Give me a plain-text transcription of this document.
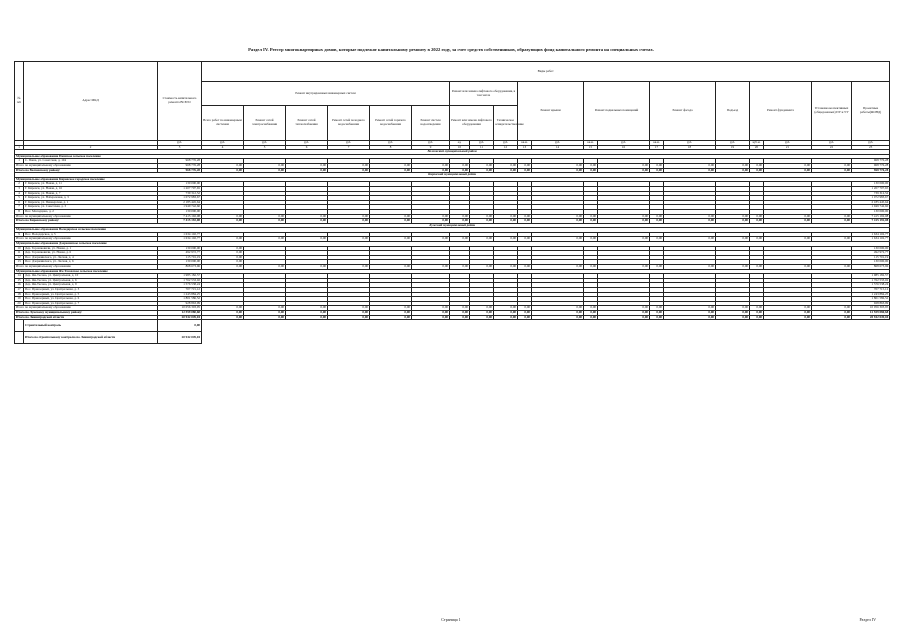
Раздел IV. Реестр многоквартирных домов, которые подлежат капитальному ремонту в 2022 году, за счет средств собственников, образующих фонд капитального ремонта на специальных счетах.
№ п/п	Адрес МКД	Стоимость капитального ремонта ВСЕГО	Виды работ																			
			Ремонт внутридомовых инженерных систем						Ремонт или замена лифтового оборудования, в том числе			Ремонт крыши		Ремонт подвальных помещений		Ремонт фасада		Подъезд	Ремонт фундамента		Установка коллективных (общедомовых) ПУ и УУ	Проектные работы(ФОНД)
			Всего работ по инженерным системам	Ремонт сетей электроснабжения	Ремонт сетей теплоснабжения	Ремонт сетей холодного водоснабжения	Ремонт сетей горячего водоснабжения	Ремонт систем водоотведения	Ремонт или замена лифтового оборудования		Техническое освидетельствование											
		руб.	руб.	руб.	руб.	руб.	руб.	руб.	ед.	руб.	руб.	кв.м.	руб.	кв.м.	руб.	кв.м.	руб.	руб.	куб.м.	руб.	руб.	руб.
1	2	3	4	5	6	7	8	9	10	11	12	13	14	15	16	17	18	19	20	21	22	23
Волховский муниципальный район																						
Муниципальное образование Пашское сельское поселение																						
1	С. Паша, ул. Советская, д. 104	968 776,28																				968 776,28
Итого по муниципальному образованию		968 776,28	0,00	0,00	0,00	0,00	0,00	0,00	0,00	0,00	0,00	0,00	0,00	0,00	0,00	0,00	0,00	0,00	0,00	0,00	0,00	968 776,28
Итого по Волховскому району:		968 776,28	0,00	0,00	0,00	0,00	0,00	0,00	0,00	0,00	0,00	0,00	0,00	0,00	0,00	0,00	0,00	0,00	0,00	0,00	0,00	968 776,28
Кировский муниципальный район																						
Муниципальное образование Кировское городское поселение																						
2	Г. Кировск, ул. Новая, д. 11	130 000,00																				130 000,00
3	Г. Кировск, ул. Новая, д. 16	1 207 707,65																				1 207 707,65
4	Г. Кировск, ул. Новая, д. 7	739 312,52																				739 312,52
5	Г. Кировск, ул. Набережная, д. 3	1 072 983,67																				1 072 983,67
6	Г. Кировск, ул. Пионерская, д. 1	2 185 445,64																				2 185 445,64
7	Г. Кировск, ул. Советская, д. 3	1 949 742,60																				1 949 742,60
8	Пос. Молодцово, д. 2	130 000,00																				130 000,00
Итого по муниципальному образованию		7 415 192,08	0,00	0,00	0,00	0,00	0,00	0,00	0,00	0,00	0,00	0,00	0,00	0,00	0,00	0,00	0,00	0,00	0,00	0,00	0,00	7 415 192,08
Итого по Кировскому району:		7 415 192,08	0,00	0,00	0,00	0,00	0,00	0,00	0,00	0,00	0,00	0,00	0,00	0,00	0,00	0,00	0,00	0,00	0,00	0,00	0,00	7 415 192,08
Лужский муниципальный район																						
Муниципальное образование Володарское сельское поселение																						
9	Пос. Володарское, д. 5	1 634 102,77																				1 634 102,77
Итого по муниципальному образованию		1 634 102,77	0,00	0,00	0,00	0,00	0,00	0,00	0,00	0,00	0,00	0,00	0,00	0,00	0,00	0,00	0,00	0,00	0,00	0,00	0,00	1 634 102,77
Муниципальное образование Дзержинское сельское поселение																						
10	Дер. Торошковичи, ул. Новая, д. 1	130 000,00	0,00																			130 000,00
11	Дер. Торошковичи, ул. Новая, д. 6	492 972,77	0,00																			492 972,77
12	Пос. Дзержинского, ул. Лесная, д. 4	115 701,19	0,00																			115 701,19
13	Пос. Дзержинского, ул. Лесная, д. 6	130 000,00	0,00																			130 000,00
Итого по муниципальному образованию		868 673,96	0,00	0,00	0,00	0,00	0,00	0,00	0,00	0,00	0,00	0,00	0,00	0,00	0,00	0,00	0,00	0,00	0,00	0,00	0,00	868 673,96
Муниципальное образование Ям-Тесовское сельское поселение																						
14	Дер. Ям-Тесово, ул. Центральная, д. 10	1 985 182,57																				1 985 182,57
15	Дер. Ям-Тесово, ул. Центральная, д. 6	1 762 533,02																				1 762 533,02
16	Дер. Ям-Тесово, ул. Центральная, д. 9	1 576 538,24																				1 576 538,24
17	Пос. Приозерный, ул. Центральная, д. 3	707 715,12																				707 715,12
18	Пос. Приозерный, ул. Центральная, д. 5	1 243 884,25																				1 243 884,25
19	Пос. Приозерный, ул. Центральная, д. 6	1 801 586,52																				1 801 586,52
20	Пос. Приозерный, ул. Центральная, д. 7	928 863,99																				928 863,99
Итого по муниципальному образованию		10 056 303,95	0,00	0,00	0,00	0,00	0,00	0,00	0,00	0,00	0,00	0,00	0,00	0,00	0,00	0,00	0,00	0,00	0,00	0,00	0,00	10 056 303,95
Итого по Лужскому муниципальному району:		12 559 080,68	0,00	0,00	0,00	0,00	0,00	0,00	0,00	0,00	0,00	0,00	0,00	0,00	0,00	0,00	0,00	0,00	0,00	0,00	0,00	12 559 080,68
Итого по Ленинградской области		20 942 049,04	0,00	0,00	0,00	0,00	0,00	0,00	0,00	0,00	0,00	0,00	0,00	0,00	0,00	0,00	0,00	0,00	0,00	0,00	0,00	20 942 049,04
	Строительный контроль	0,00																				
	Итого по строительному контролю по Ленинградской области	20 942 049,04																				
Страница 1	Раздел IV
